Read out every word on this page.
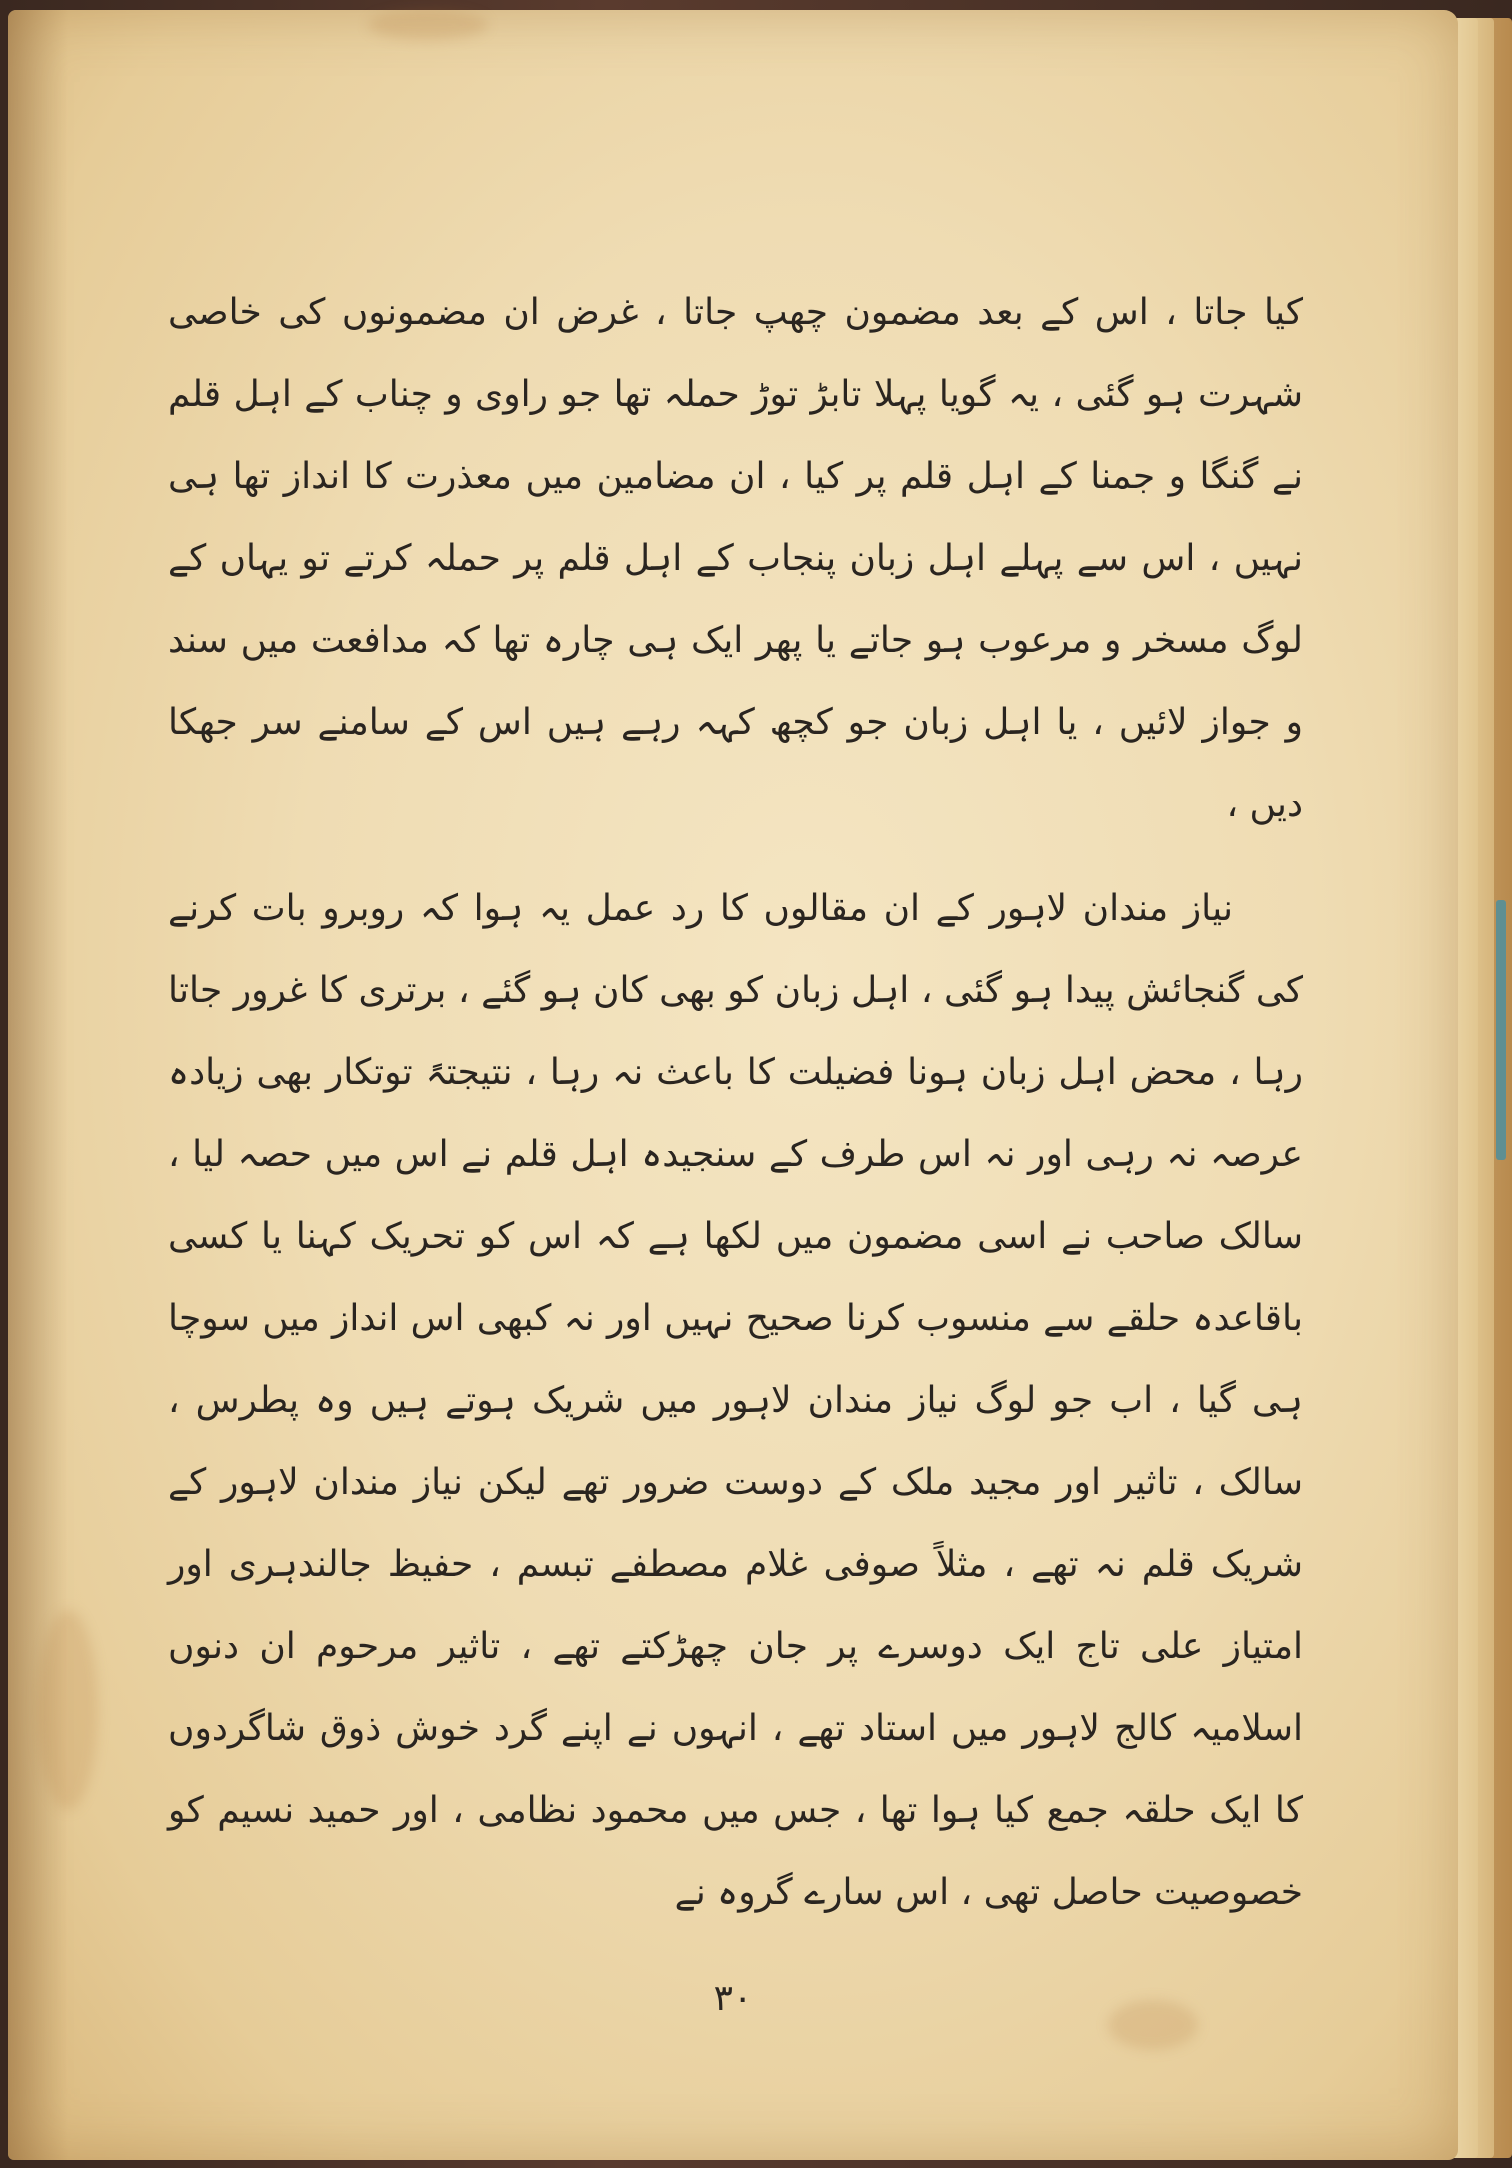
کیا جاتا ، اس کے بعد مضمون چھپ جاتا ، غرض ان مضمونوں کی خاصی شہرت ہو گئی ، یہ گویا پہلا تابڑ توڑ حملہ تھا جو راوی و چناب کے اہل قلم نے گنگا و جمنا کے اہل قلم پر کیا ، ان مضامین میں معذرت کا انداز تھا ہی نہیں ، اس سے پہلے اہل زبان پنجاب کے اہل قلم پر حملہ کرتے تو یہاں کے لوگ مسخر و مرعوب ہو جاتے یا پھر ایک ہی چارہ تھا کہ مدافعت میں سند و جواز لائیں ، یا اہل زبان جو کچھ کہہ رہے ہیں اس کے سامنے سر جھکا دیں ،

نیاز مندان لاہور کے ان مقالوں کا رد عمل یہ ہوا کہ روبرو بات کرنے کی گنجائش پیدا ہو گئی ، اہل زبان کو بھی کان ہو گئے ، برتری کا غرور جاتا رہا ، محض اہل زبان ہونا فضیلت کا باعث نہ رہا ، نتیجتہً توتکار بھی زیادہ عرصہ نہ رہی اور نہ اس طرف کے سنجیدہ اہل قلم نے اس میں حصہ لیا ، سالک صاحب نے اسی مضمون میں لکھا ہے کہ اس کو تحریک کہنا یا کسی باقاعدہ حلقے سے منسوب کرنا صحیح نہیں اور نہ کبھی اس انداز میں سوچا ہی گیا ، اب جو لوگ نیاز مندان لاہور میں شریک ہوتے ہیں وہ پطرس ، سالک ، تاثیر اور مجید ملک کے دوست ضرور تھے لیکن نیاز مندان لاہور کے شریک قلم نہ تھے ، مثلاً صوفی غلام مصطفے تبسم ، حفیظ جالندہری اور امتیاز علی تاج ایک دوسرے پر جان چھڑکتے تھے ، تاثیر مرحوم ان دنوں اسلامیہ کالج لاہور میں استاد تھے ، انہوں نے اپنے گرد خوش ذوق شاگردوں کا ایک حلقہ جمع کیا ہوا تھا ، جس میں محمود نظامی ، اور حمید نسیم کو خصوصیت حاصل تھی ، اس سارے گروہ نے

۳۰
